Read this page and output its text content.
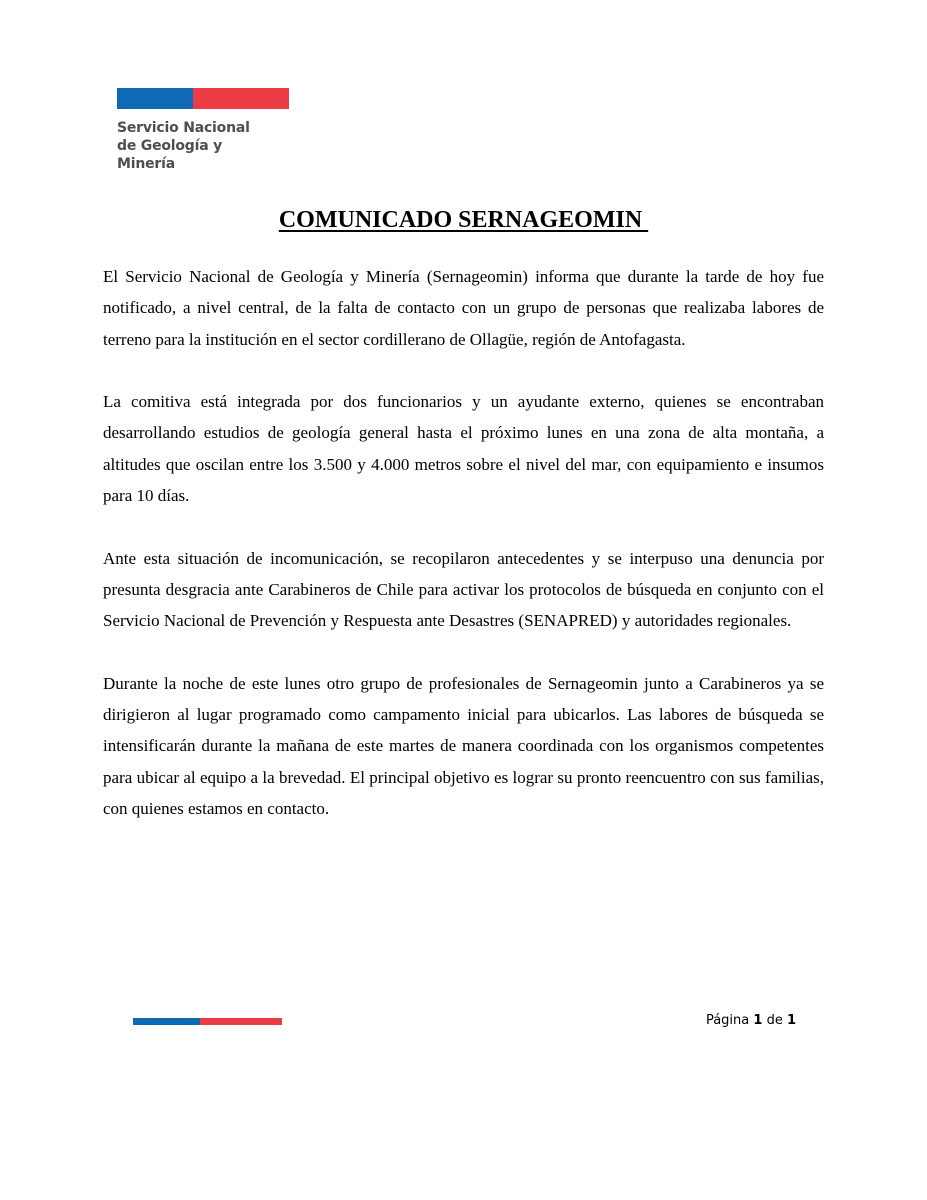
Servicio Nacional
de Geología y
Minería
COMUNICADO SERNAGEOMIN

El Servicio Nacional de Geología y Minería (Sernageomin) informa que durante la tarde de hoy fue notificado, a nivel central, de la falta de contacto con un grupo de personas que realizaba labores de terreno para la institución en el sector cordillerano de Ollagüe, región de Antofagasta.

La comitiva está integrada por dos funcionarios y un ayudante externo, quienes se encontraban desarrollando estudios de geología general hasta el próximo lunes en una zona de alta montaña, a altitudes que oscilan entre los 3.500 y 4.000 metros sobre el nivel del mar, con equipamiento e insumos para 10 días.

Ante esta situación de incomunicación, se recopilaron antecedentes y se interpuso una denuncia por presunta desgracia ante Carabineros de Chile para activar los protocolos de búsqueda en conjunto con el Servicio Nacional de Prevención y Respuesta ante Desastres (SENAPRED) y autoridades regionales.

Durante la noche de este lunes otro grupo de profesionales de Sernageomin junto a Carabineros ya se dirigieron al lugar programado como campamento inicial para ubicarlos. Las labores de búsqueda se intensificarán durante la mañana de este martes de manera coordinada con los organismos competentes para ubicar al equipo a la brevedad. El principal objetivo es lograr su pronto reencuentro con sus familias, con quienes estamos en contacto.

Página 1 de 1
